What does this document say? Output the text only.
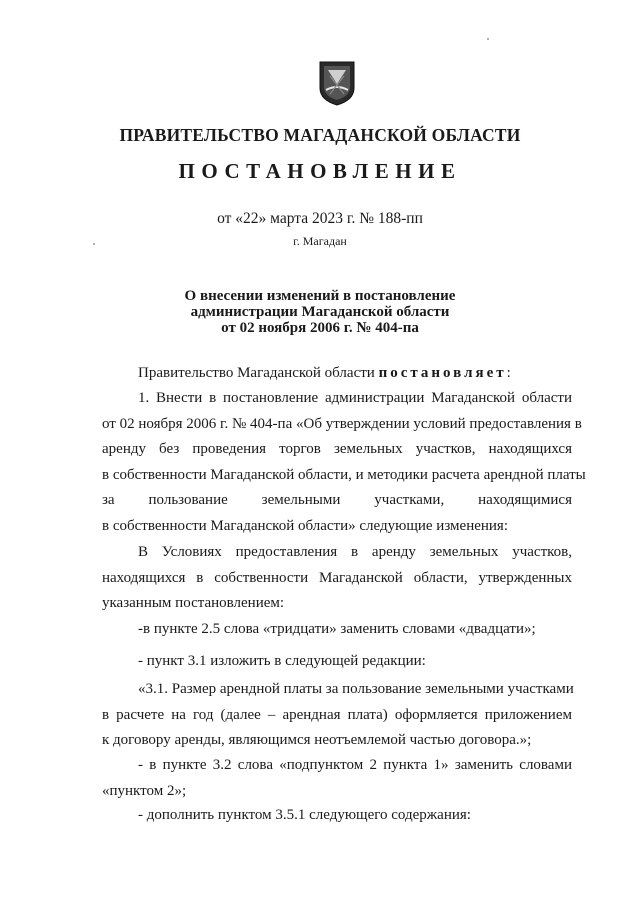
ПРАВИТЕЛЬСТВО МАГАДАНСКОЙ ОБЛАСТИ
ПОСТАНОВЛЕНИЕ
от «22» марта 2023 г. № 188-пп
г. Магадан
О внесении изменений в постановление
администрации Магаданской области
от 02 ноября 2006 г. № 404-па
Правительство Магаданской области постановляет:
1. Внести в постановление администрации Магаданской области
от 02 ноября 2006 г. № 404-па «Об утверждении условий предоставления в
аренду без проведения торгов земельных участков, находящихся
в собственности Магаданской области, и методики расчета арендной платы
за пользование земельными участками, находящимися
в собственности Магаданской области» следующие изменения:
В Условиях предоставления в аренду земельных участков,
находящихся в собственности Магаданской области, утвержденных
указанным постановлением:
-в пункте 2.5 слова «тридцати» заменить словами «двадцати»;
- пункт 3.1 изложить в следующей редакции:
«3.1. Размер арендной платы за пользование земельными участками
в расчете на год (далее – арендная плата) оформляется приложением
к договору аренды, являющимся неотъемлемой частью договора.»;
- в пункте 3.2 слова «подпунктом 2 пункта 1» заменить словами
«пунктом 2»;
- дополнить пунктом 3.5.1 следующего содержания:
